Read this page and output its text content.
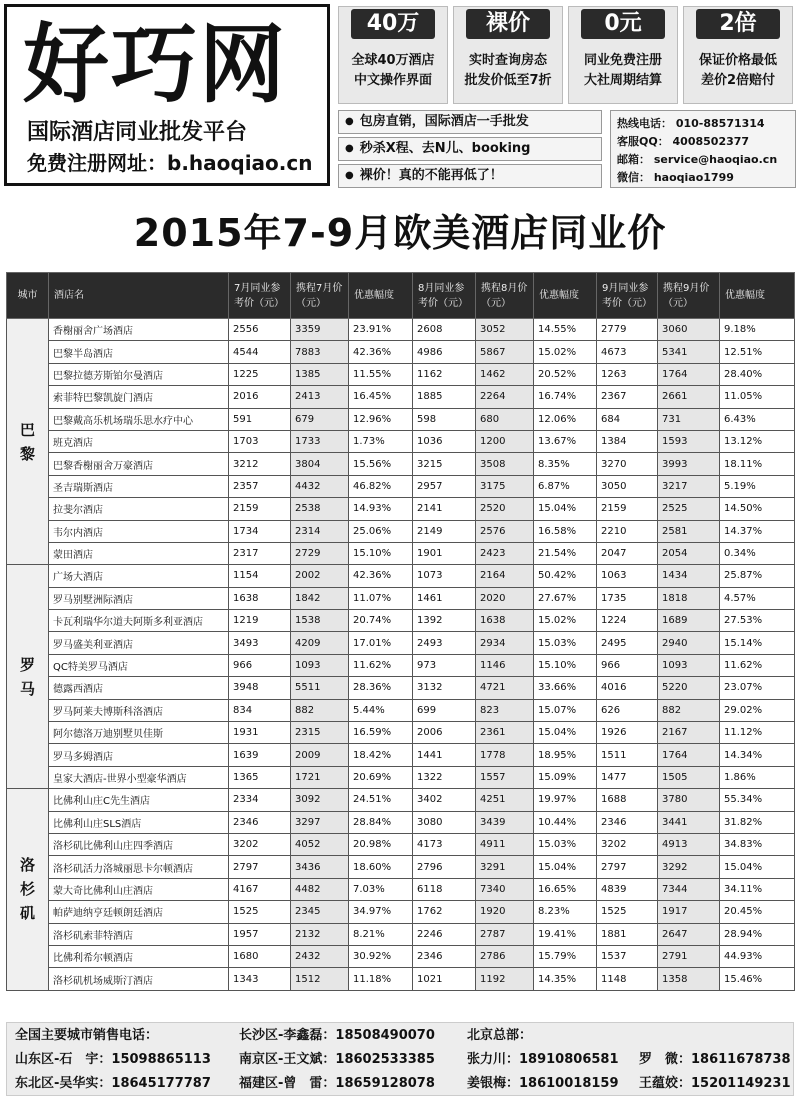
好巧网
国际酒店同业批发平台
免费注册网址：b.haoqiao.cn
40万
全球40万酒店
中文操作界面
裸价
实时查询房态
批发价低至7折
0元
同业免费注册
大社周期结算
2倍
保证价格最低
差价2倍赔付
● 包房直销，国际酒店一手批发
● 秒杀X程、去N儿、booking
● 裸价！真的不能再低了！
热线电话： 010-88571314
客服QQ： 4008502377
邮箱： service@haoqiao.cn
微信： haoqiao1799
2015年7-9月欧美酒店同业价
城市	酒店名	7月同业参考价（元）	携程7月价（元）	优惠幅度	8月同业参考价（元）	携程8月价（元）	优惠幅度	9月同业参考价（元）	携程9月价（元）	优惠幅度
巴黎	香榭丽舍广场酒店	2556	3359	23.91%	2608	3052	14.55%	2779	3060	9.18%
	巴黎半岛酒店	4544	7883	42.36%	4986	5867	15.02%	4673	5341	12.51%
	巴黎拉德芳斯铂尔曼酒店	1225	1385	11.55%	1162	1462	20.52%	1263	1764	28.40%
	索菲特巴黎凯旋门酒店	2016	2413	16.45%	1885	2264	16.74%	2367	2661	11.05%
	巴黎戴高乐机场瑞乐思水疗中心	591	679	12.96%	598	680	12.06%	684	731	6.43%
	班克酒店	1703	1733	1.73%	1036	1200	13.67%	1384	1593	13.12%
	巴黎香榭丽舍万豪酒店	3212	3804	15.56%	3215	3508	8.35%	3270	3993	18.11%
	圣吉瑞斯酒店	2357	4432	46.82%	2957	3175	6.87%	3050	3217	5.19%
	拉斐尔酒店	2159	2538	14.93%	2141	2520	15.04%	2159	2525	14.50%
	韦尔内酒店	1734	2314	25.06%	2149	2576	16.58%	2210	2581	14.37%
	蒙田酒店	2317	2729	15.10%	1901	2423	21.54%	2047	2054	0.34%
罗马	广场大酒店	1154	2002	42.36%	1073	2164	50.42%	1063	1434	25.87%
	罗马别墅洲际酒店	1638	1842	11.07%	1461	2020	27.67%	1735	1818	4.57%
	卡瓦利瑞华尔道夫阿斯多利亚酒店	1219	1538	20.74%	1392	1638	15.02%	1224	1689	27.53%
	罗马盛美利亚酒店	3493	4209	17.01%	2493	2934	15.03%	2495	2940	15.14%
	QC特美罗马酒店	966	1093	11.62%	973	1146	15.10%	966	1093	11.62%
	德露西酒店	3948	5511	28.36%	3132	4721	33.66%	4016	5220	23.07%
	罗马阿莱夫博斯科洛酒店	834	882	5.44%	699	823	15.07%	626	882	29.02%
	阿尔德洛万迪别墅贝佳斯	1931	2315	16.59%	2006	2361	15.04%	1926	2167	11.12%
	罗马多姆酒店	1639	2009	18.42%	1441	1778	18.95%	1511	1764	14.34%
	皇家大酒店-世界小型豪华酒店	1365	1721	20.69%	1322	1557	15.09%	1477	1505	1.86%
洛杉矶	比佛利山庄C先生酒店	2334	3092	24.51%	3402	4251	19.97%	1688	3780	55.34%
	比佛利山庄SLS酒店	2346	3297	28.84%	3080	3439	10.44%	2346	3441	31.82%
	洛杉矶比佛利山庄四季酒店	3202	4052	20.98%	4173	4911	15.03%	3202	4913	34.83%
	洛杉矶活力洛城丽思卡尔顿酒店	2797	3436	18.60%	2796	3291	15.04%	2797	3292	15.04%
	蒙大奇比佛利山庄酒店	4167	4482	7.03%	6118	7340	16.65%	4839	7344	34.11%
	帕萨迪纳亨廷顿朗廷酒店	1525	2345	34.97%	1762	1920	8.23%	1525	1917	20.45%
	洛杉矶索菲特酒店	1957	2132	8.21%	2246	2787	19.41%	1881	2647	28.94%
	比佛利希尔顿酒店	1680	2432	30.92%	2346	2786	15.79%	1537	2791	44.93%
	洛杉矶机场威斯汀酒店	1343	1512	11.18%	1021	1192	14.35%	1148	1358	15.46%
全国主要城市销售电话：
山东区-石　宇：15098865113
东北区-吴华实：18645177787
长沙区-李鑫磊：18508490070
南京区-王文斌：18602533385
福建区-曾　雷：18659128078
北京总部：
张力川：18910806581
姜银梅：18610018159
罗　微：18611678738
王蕴姣：15201149231
